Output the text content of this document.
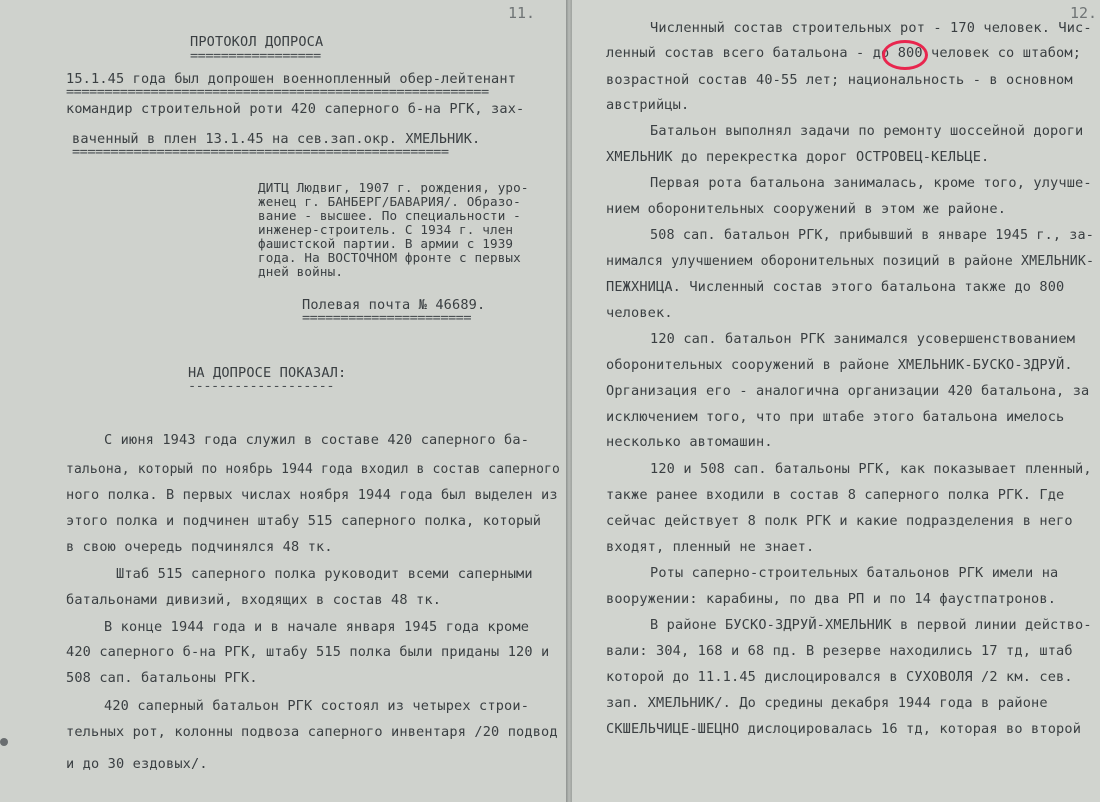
11.
ПРОТОКОЛ ДОПРОСА
=================
15.1.45 года был допрошен военнопленный обер-лейтенант
=======================================================
командир строительной роти 420 саперного б-на РГК, зах-
ваченный в плен 13.1.45 на сев.зап.окр. ХМЕЛЬНИК.
=================================================
ДИТЦ Людвиг, 1907 г. рождения, уро-
женец г. БАНБЕРГ/БАВАРИЯ/. Образо-
вание - высшее. По специальности -
инженер-строитель. С 1934 г. член
фашистской партии. В армии с 1939
года. На ВОСТОЧНОМ фронте с первых
дней войны.
Полевая почта № 46689.
======================
НА ДОПРОСЕ ПОКАЗАЛ:
-------------------
С июня 1943 года служил в составе 420 саперного ба-
тальона, который по ноябрь 1944 года входил в состав саперного
ного полка. В первых числах ноября 1944 года был выделен из
этого полка и подчинен штабу 515 саперного полка, который
в свою очередь подчинялся 48 тк.
Штаб 515 саперного полка руководит всеми саперными
батальонами дивизий, входящих в состав 48 тк.
В конце 1944 года и в начале января 1945 года кроме
420 саперного б-на РГК, штабу 515 полка были приданы 120 и
508 сап. батальоны РГК.
420 саперный батальон РГК состоял из четырех строи-
тельных рот, колонны подвоза саперного инвентаря /20 подвод
и до 30 ездовых/.
12.
Численный состав строительных рот - 170 человек. Чис-
ленный состав всего батальона - до 800 человек со штабом;
возрастной состав 40-55 лет; национальность - в основном
австрийцы.
Батальон выполнял задачи по ремонту шоссейной дороги
ХМЕЛЬНИК до перекрестка дорог ОСТРОВЕЦ-КЕЛЬЦЕ.
Первая рота батальона занималась, кроме того, улучше-
нием оборонительных сооружений в этом же районе.
508 сап. батальон РГК, прибывший в январе 1945 г., за-
нимался улучшением оборонительных позиций в районе ХМЕЛЬНИК-
ПЕЖХНИЦА. Численный состав этого батальона также до 800
человек.
120 сап. батальон РГК занимался усовершенствованием
оборонительных сооружений в районе ХМЕЛЬНИК-БУСКО-ЗДРУЙ.
Организация его - аналогична организации 420 батальона, за
исключением того, что при штабе этого батальона имелось
несколько автомашин.
120 и 508 сап. батальоны РГК, как показывает пленный,
также ранее входили в состав 8 саперного полка РГК. Где
сейчас действует 8 полк РГК и какие подразделения в него
входят, пленный не знает.
Роты саперно-строительных батальонов РГК имели на
вооружении: карабины, по два РП и по 14 фаустпатронов.
В районе БУСКО-ЗДРУЙ-ХМЕЛЬНИК в первой линии действо-
вали: 304, 168 и 68 пд. В резерве находились 17 тд, штаб
которой до 11.1.45 дислоцировался в СУХОВОЛЯ /2 км. сев.
зап. ХМЕЛЬНИК/. До средины декабря 1944 года в районе
СКШЕЛЬЧИЦЕ-ШЕЦНО дислоцировалась 16 тд, которая во второй
